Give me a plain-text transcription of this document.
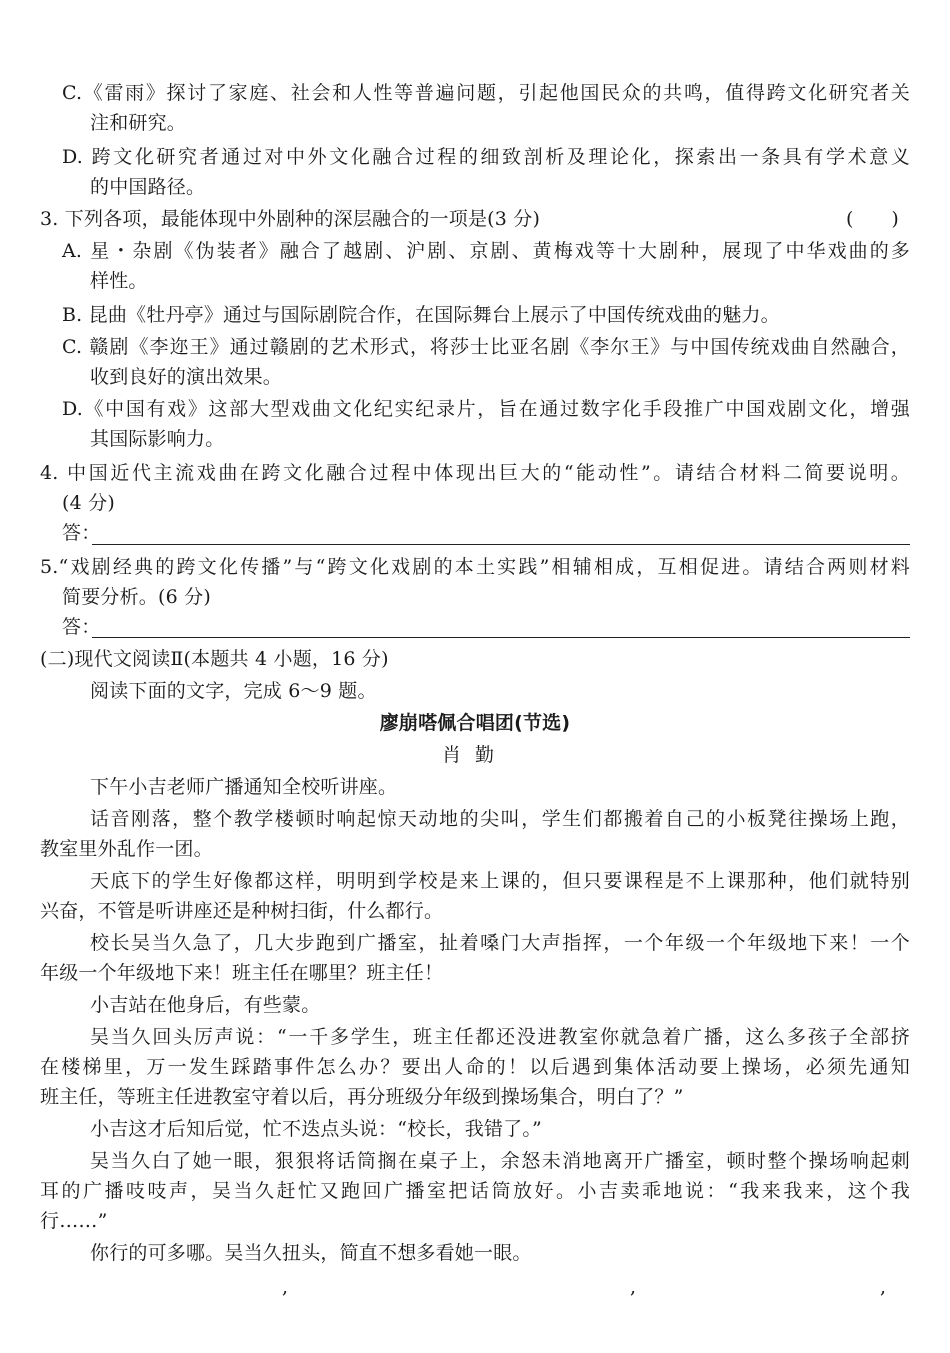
C.《雷雨》探讨了家庭、社会和人性等普遍问题，引起他国民众的共鸣，值得跨文化研究者关
注和研究。
D. 跨文化研究者通过对中外文化融合过程的细致剖析及理论化，探索出一条具有学术意义
的中国路径。
3. 下列各项，最能体现中外剧种的深层融合的一项是(3 分)	(　　)
A. 星・杂剧《伪装者》融合了越剧、沪剧、京剧、黄梅戏等十大剧种，展现了中华戏曲的多
样性。
B. 昆曲《牡丹亭》通过与国际剧院合作，在国际舞台上展示了中国传统戏曲的魅力。
C. 赣剧《李迩王》通过赣剧的艺术形式，将莎士比亚名剧《李尔王》与中国传统戏曲自然融合，
收到良好的演出效果。
D.《中国有戏》这部大型戏曲文化纪实纪录片，旨在通过数字化手段推广中国戏剧文化，增强
其国际影响力。
4. 中国近代主流戏曲在跨文化融合过程中体现出巨大的“能动性”。请结合材料二简要说明。
(4 分)
答：
5.“戏剧经典的跨文化传播”与“跨文化戏剧的本土实践”相辅相成，互相促进。请结合两则材料
简要分析。(6 分)
答：
(二)现代文阅读Ⅱ(本题共 4 小题，16 分)
阅读下面的文字，完成 6～9 题。
廖崩嗒佩合唱团(节选)
肖勤
下午小吉老师广播通知全校听讲座。
话音刚落，整个教学楼顿时响起惊天动地的尖叫，学生们都搬着自己的小板凳往操场上跑，
教室里外乱作一团。
天底下的学生好像都这样，明明到学校是来上课的，但只要课程是不上课那种，他们就特别
兴奋，不管是听讲座还是种树扫街，什么都行。
校长吴当久急了，几大步跑到广播室，扯着嗓门大声指挥，一个年级一个年级地下来！一个
年级一个年级地下来！班主任在哪里？班主任！
小吉站在他身后，有些蒙。
吴当久回头厉声说：“一千多学生，班主任都还没进教室你就急着广播，这么多孩子全部挤
在楼梯里，万一发生踩踏事件怎么办？要出人命的！以后遇到集体活动要上操场，必须先通知
班主任，等班主任进教室守着以后，再分班级分年级到操场集合，明白了？”
小吉这才后知后觉，忙不迭点头说：“校长，我错了。”
吴当久白了她一眼，狠狠将话筒搁在桌子上，余怒未消地离开广播室，顿时整个操场响起刺
耳的广播吱吱声，吴当久赶忙又跑回广播室把话筒放好。小吉卖乖地说：“我来我来，这个我
行……”
你行的可多哪。吴当久扭头，简直不想多看她一眼。
,	,	,
